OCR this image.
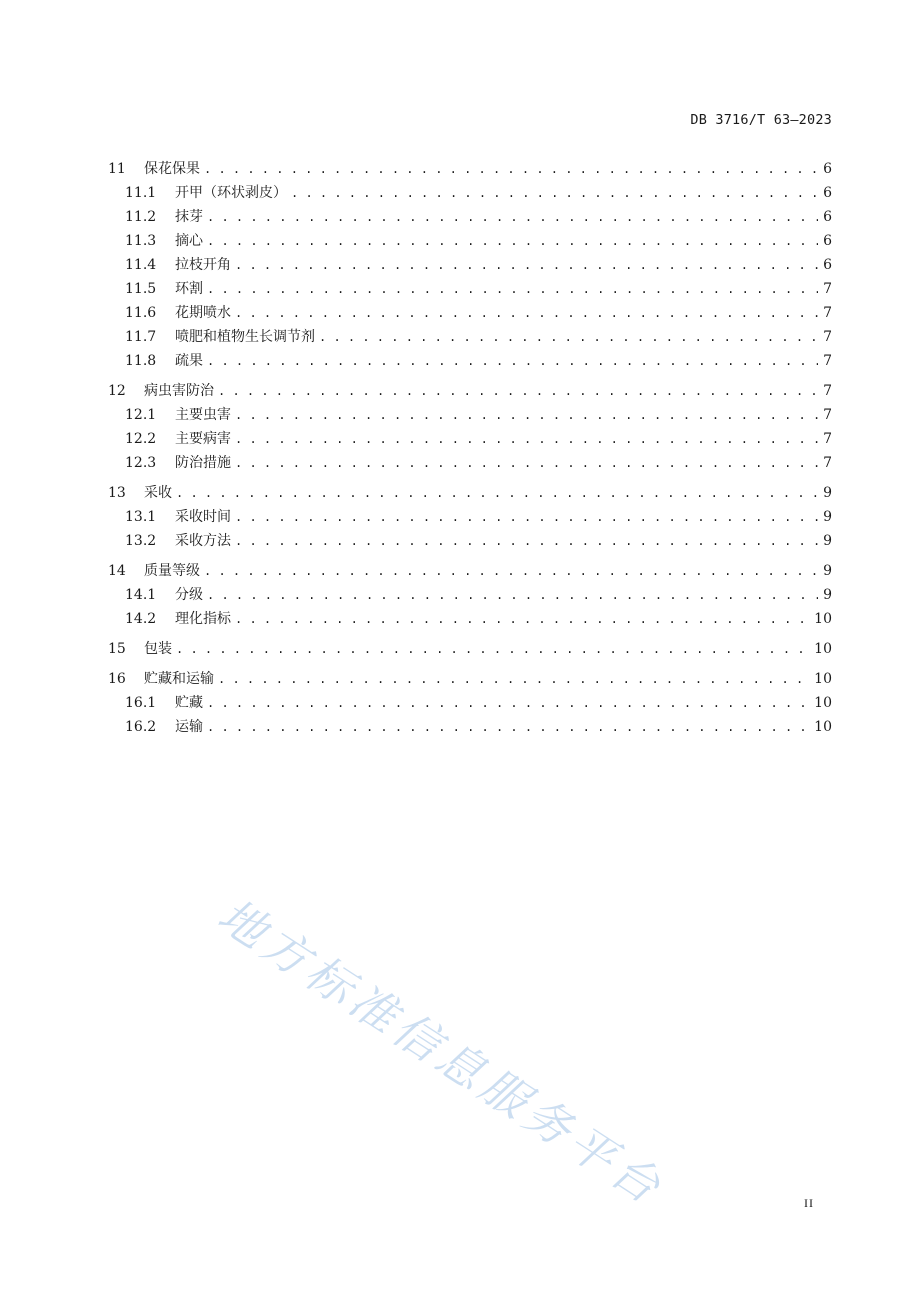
DB 3716/T 63—2023
11	保花保果 . . .	6
11.1	开甲（环状剥皮） . . .	6
11.2	抹芽 . . .	6
11.3	摘心 . . .	6
11.4	拉枝开角 . . .	6
11.5	环割 . . .	7
11.6	花期喷水 . . .	7
11.7	喷肥和植物生长调节剂 . . .	7
11.8	疏果 . . .	7
12	病虫害防治 . . .	7
12.1	主要虫害 . . .	7
12.2	主要病害 . . .	7
12.3	防治措施 . . .	7
13	采收 . . .	9
13.1	采收时间 . . .	9
13.2	采收方法 . . .	9
14	质量等级 . . .	9
14.1	分级 . . .	9
14.2	理化指标 . . .	10
15	包装 . . .	10
16	贮藏和运输 . . .	10
16.1	贮藏 . . .	10
16.2	运输 . . .	10
地方标准信息服务平台	II
